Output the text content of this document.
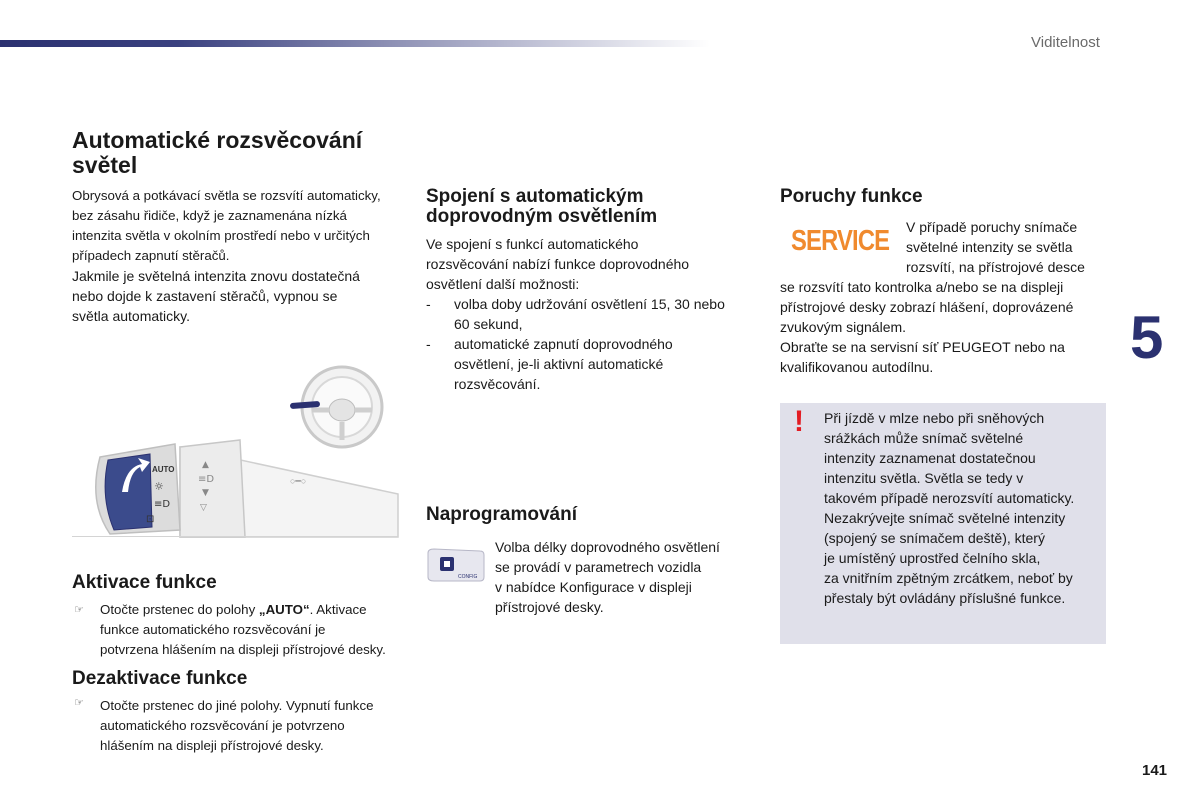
Viditelnost
5
141
Automatické rozsvěcování světel

Obrysová a potkávací světla se rozsvítí automaticky,

bez zásahu řidiče, když je zaznamenána nízká

intenzita světla v okolním prostředí nebo v určitých

případech zapnutí stěračů.

Jakmile je světelná intenzita znovu dostatečná

nebo dojde k zastavení stěračů, vypnou se

světla automaticky.

○━○
▲
≡D
▼
▽
AUTO
☼
≡D
⊡
Aktivace funkce
☞ Otočte prstenec do polohy „AUTO“. Aktivace

funkce automatického rozsvěcování je

potvrzena hlášením na displeji přístrojové desky.

Dezaktivace funkce
☞ Otočte prstenec do jiné polohy. Vypnutí funkce

automatického rozsvěcování je potvrzeno

hlášením na displeji přístrojové desky.

Spojení s automatickým
doprovodným osvětlením

Ve spojení s funkcí automatického

rozsvěcování nabízí funkce doprovodného

osvětlení další možnosti:

- volba doby udržování osvětlení 15, 30 nebo
60 sekund,
- automatické zapnutí doprovodného
osvětlení, je-li aktivní automatické
rozsvěcování.
Naprogramování
CONFIG

Volba délky doprovodného osvětlení

se provádí v parametrech vozidla

v nabídce Konfigurace v displeji

přístrojové desky.

Poruchy funkce
SERVICE V případě poruchy snímače

světelné intenzity se světla

rozsvítí, na přístrojové desce

se rozsvítí tato kontrolka a/nebo se na displeji

přístrojové desky zobrazí hlášení, doprovázené

zvukovým signálem.

Obraťte se na servisní síť PEUGEOT nebo na

kvalifikovanou autodílnu.

! Při jízdě v mlze nebo při sněhových

srážkách může snímač světelné

intenzity zaznamenat dostatečnou

intenzitu světla. Světla se tedy v

takovém případě nerozsvítí automaticky.

Nezakrývejte snímač světelné intenzity

(spojený se snímačem deště), který

je umístěný uprostřed čelního skla,

za vnitřním zpětným zrcátkem, neboť by

přestaly být ovládány příslušné funkce.
